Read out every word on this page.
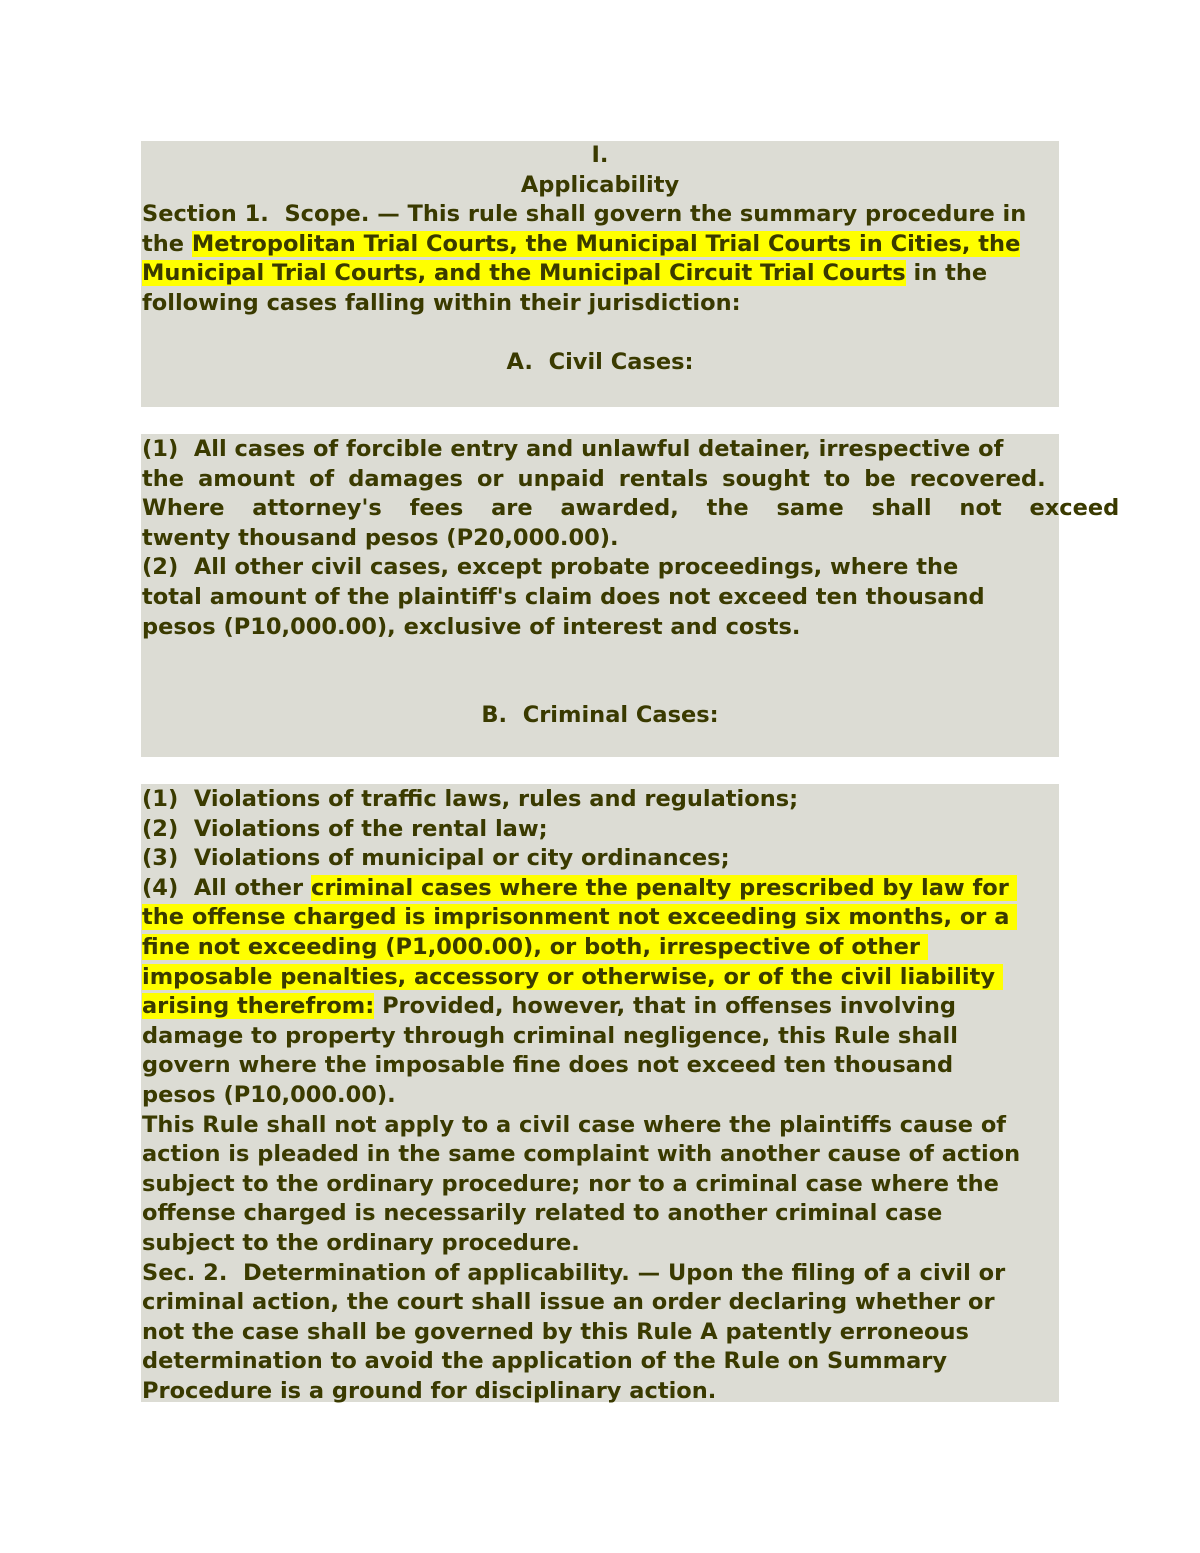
I.
Applicability
Section 1.  Scope. — This rule shall govern the summary procedure in
the Metropolitan Trial Courts, the Municipal Trial Courts in Cities, the
Municipal Trial Courts, and the Municipal Circuit Trial Courts in the
following cases falling within their jurisdiction:
A.  Civil Cases:
(1)  All cases of forcible entry and unlawful detainer, irrespective of
the amount of damages or unpaid rentals sought to be recovered.
Where attorney's fees are awarded, the same shall not exceed
twenty thousand pesos (P20,000.00).
(2)  All other civil cases, except probate proceedings, where the
total amount of the plaintiff's claim does not exceed ten thousand
pesos (P10,000.00), exclusive of interest and costs.
B.  Criminal Cases:
(1)  Violations of traffic laws, rules and regulations;
(2)  Violations of the rental law;
(3)  Violations of municipal or city ordinances;
(4)  All other criminal cases where the penalty prescribed by law for
the offense charged is imprisonment not exceeding six months, or a
fine not exceeding (P1,000.00), or both, irrespective of other
imposable penalties, accessory or otherwise, or of the civil liability
arising therefrom: Provided, however, that in offenses involving
damage to property through criminal negligence, this Rule shall
govern where the imposable fine does not exceed ten thousand
pesos (P10,000.00).
This Rule shall not apply to a civil case where the plaintiffs cause of
action is pleaded in the same complaint with another cause of action
subject to the ordinary procedure; nor to a criminal case where the
offense charged is necessarily related to another criminal case
subject to the ordinary procedure.
Sec. 2.  Determination of applicability. — Upon the filing of a civil or
criminal action, the court shall issue an order declaring whether or
not the case shall be governed by this Rule A patently erroneous
determination to avoid the application of the Rule on Summary
Procedure is a ground for disciplinary action.
